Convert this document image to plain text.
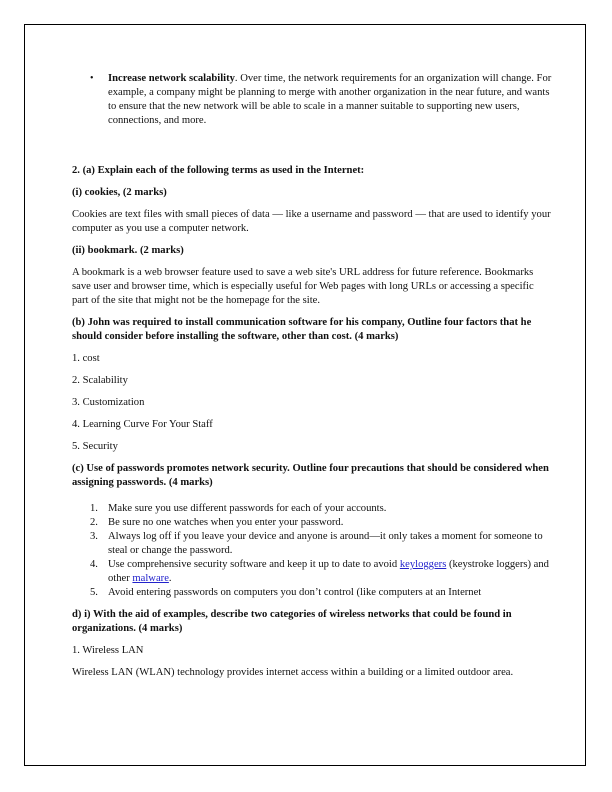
• Increase network scalability. Over time, the network requirements for an organization will change. For example, a company might be planning to merge with another organization in the near future, and wants to ensure that the new network will be able to scale in a manner suitable to supporting new users, connections, and more.

2. (a) Explain each of the following terms as used in the Internet:

(i) cookies, (2 marks)

Cookies are text files with small pieces of data — like a username and password — that are used to identify your computer as you use a computer network.

(ii) bookmark. (2 marks)

A bookmark is a web browser feature used to save a web site's URL address for future reference. Bookmarks save user and browser time, which is especially useful for Web pages with long URLs or accessing a specific part of the site that might not be the homepage for the site.

(b) John was required to install communication software for his company, Outline four factors that he should consider before installing the software, other than cost. (4 marks)

1. cost

2. Scalability

3. Customization

4. Learning Curve For Your Staff

5. Security

(c) Use of passwords promotes network security. Outline four precautions that should be considered when assigning passwords. (4 marks)

1. Make sure you use different passwords for each of your accounts.
2. Be sure no one watches when you enter your password.
3. Always log off if you leave your device and anyone is around—it only takes a moment for someone to steal or change the password.
4. Use comprehensive security software and keep it up to date to avoid keyloggers (keystroke loggers) and other malware.
5. Avoid entering passwords on computers you don’t control (like computers at an Internet

d) i) With the aid of examples, describe two categories of wireless networks that could be found in organizations. (4 marks)

1. Wireless LAN

Wireless LAN (WLAN) technology provides internet access within a building or a limited outdoor area.
